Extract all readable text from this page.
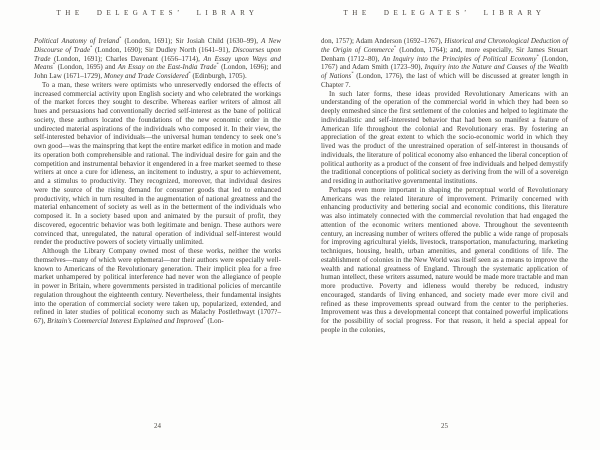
THE DELEGATES’ LIBRARY

Political Anatomy of Ireland* (London, 1691); Sir Josiah Child (1630–99), A New Discourse of Trade* (London, 1690); Sir Dudley North (1641–91), Discourses upon Trade (London, 1691); Charles Davenant (1656–1714), An Essay upon Ways and Means* (London, 1695) and An Essay on the East-India Trade* (London, 1696); and John Law (1671–1729), Money and Trade Considered* (Edinburgh, 1705).

To a man, these writers were optimists who unreservedly endorsed the effects of increased commercial activity upon English society and who celebrated the workings of the market forces they sought to describe. Whereas earlier writers of almost all hues and persuasions had conventionally decried self-interest as the bane of political society, these authors located the foundations of the new economic order in the undirected material aspirations of the individuals who composed it. In their view, the self-interested behavior of individuals—the universal human tendency to seek one’s own good—was the mainspring that kept the entire market edifice in motion and made its operation both comprehensible and rational. The individual desire for gain and the competition and instrumental behavior it engendered in a free market seemed to these writers at once a cure for idleness, an incitement to industry, a spur to achievement, and a stimulus to productivity. They recognized, moreover, that individual desires were the source of the rising demand for consumer goods that led to enhanced productivity, which in turn resulted in the augmentation of national greatness and the material enhancement of society as well as in the betterment of the individuals who composed it. In a society based upon and animated by the pursuit of profit, they discovered, egocentric behavior was both legitimate and benign. These authors were convinced that, unregulated, the natural operation of individual self-interest would render the productive powers of society virtually unlimited.

Although the Library Company owned most of these works, neither the works themselves—many of which were ephemeral—nor their authors were especially well-known to Americans of the Revolutionary generation. Their implicit plea for a free market unhampered by political interference had never won the allegiance of people in power in Britain, where governments persisted in traditional policies of mercantile regulation throughout the eighteenth century. Nevertheless, their fundamental insights into the operation of commercial society were taken up, popularized, extended, and refined in later studies of political economy such as Malachy Postlethwayt (1707?–67), Britain’s Commercial Interest Explained and Improved* (Lon-

24
THE DELEGATES’ LIBRARY

don, 1757); Adam Anderson (1692–1767), Historical and Chronological Deduction of the Origin of Commerce* (London, 1764); and, more especially, Sir James Steuart Denham (1712–80), An Inquiry into the Principles of Political Economy* (London, 1767) and Adam Smith (1723–90), Inquiry into the Nature and Causes of the Wealth of Nations* (London, 1776), the last of which will be discussed at greater length in Chapter 7.

In such later forms, these ideas provided Revolutionary Americans with an understanding of the operation of the commercial world in which they had been so deeply enmeshed since the first settlement of the colonies and helped to legitimate the individualistic and self-interested behavior that had been so manifest a feature of American life throughout the colonial and Revolutionary eras. By fostering an appreciation of the great extent to which the socio-economic world in which they lived was the product of the unrestrained operation of self-interest in thousands of individuals, the literature of political economy also enhanced the liberal conception of political authority as a product of the consent of free individuals and helped demystify the traditional conceptions of political society as deriving from the will of a sovereign and residing in authoritative governmental institutions.

Perhaps even more important in shaping the perceptual world of Revolutionary Americans was the related literature of improvement. Primarily concerned with enhancing productivity and bettering social and economic conditions, this literature was also intimately connected with the commercial revolution that had engaged the attention of the economic writers mentioned above. Throughout the seventeenth century, an increasing number of writers offered the public a wide range of proposals for improving agricultural yields, livestock, transportation, manufacturing, marketing techniques, housing, health, urban amenities, and general conditions of life. The establishment of colonies in the New World was itself seen as a means to improve the wealth and national greatness of England. Through the systematic application of human intellect, these writers assumed, nature would be made more tractable and man more productive. Poverty and idleness would thereby be reduced, industry encouraged, standards of living enhanced, and society made ever more civil and refined as these improvements spread outward from the center to the peripheries. Improvement was thus a developmental concept that contained powerful implications for the possibility of social progress. For that reason, it held a special appeal for people in the colonies,

25
